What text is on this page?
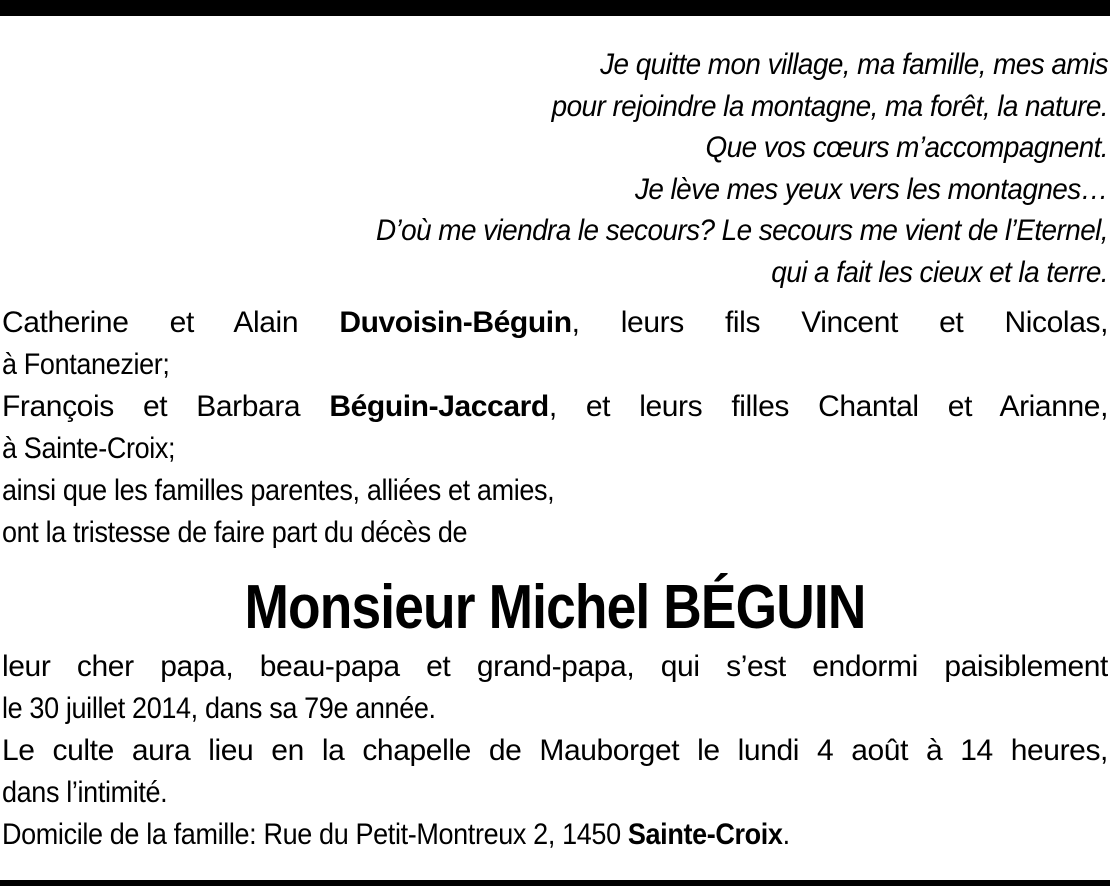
Je quitte mon village, ma famille, mes amis
pour rejoindre la montagne, ma forêt, la nature.
Que vos cœurs m’accompagnent.
Je lève mes yeux vers les montagnes…
D’où me viendra le secours? Le secours me vient de l’Eternel,
qui a fait les cieux et la terre.
Catherine et Alain Duvoisin-Béguin, leurs fils Vincent et Nicolas,
à Fontanezier;
François et Barbara Béguin-Jaccard, et leurs filles Chantal et Arianne,
à Sainte-Croix;
ainsi que les familles parentes, alliées et amies,
ont la tristesse de faire part du décès de
Monsieur Michel BÉGUIN
leur cher papa, beau-papa et grand-papa, qui s’est endormi paisiblement
le 30 juillet 2014, dans sa 79e année.
Le culte aura lieu en la chapelle de Mauborget le lundi 4 août à 14 heures,
dans l’intimité.
Domicile de la famille: Rue du Petit-Montreux 2, 1450 Sainte-Croix.
